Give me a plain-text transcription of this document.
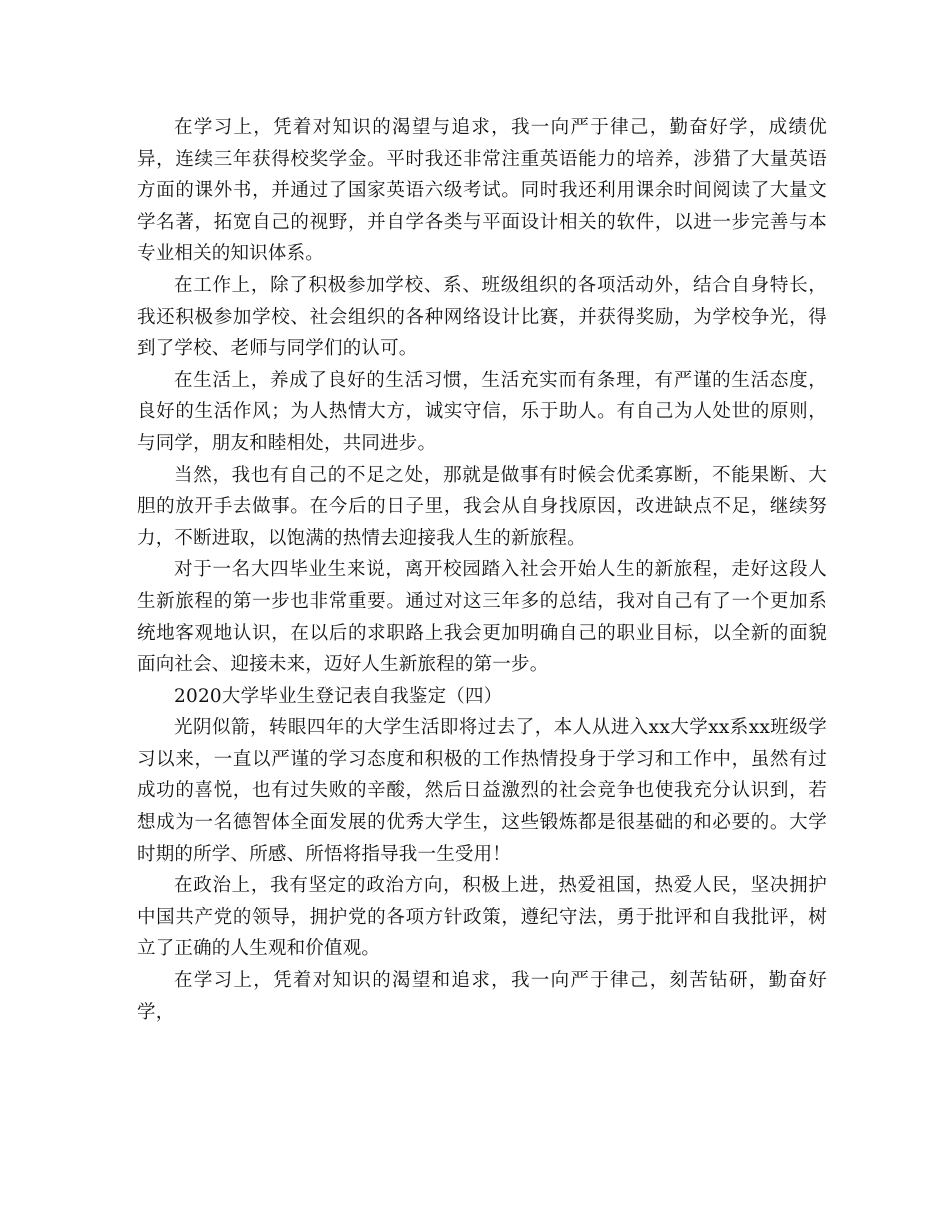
在学习上，凭着对知识的渴望与追求，我一向严于律己，勤奋好学，成绩优异，连续三年获得校奖学金。平时我还非常注重英语能力的培养，涉猎了大量英语方面的课外书，并通过了国家英语六级考试。同时我还利用课余时间阅读了大量文学名著，拓宽自己的视野，并自学各类与平面设计相关的软件，以进一步完善与本专业相关的知识体系。

在工作上，除了积极参加学校、系、班级组织的各项活动外，结合自身特长，我还积极参加学校、社会组织的各种网络设计比赛，并获得奖励，为学校争光，得到了学校、老师与同学们的认可。

在生活上，养成了良好的生活习惯，生活充实而有条理，有严谨的生活态度，良好的生活作风；为人热情大方，诚实守信，乐于助人。有自己为人处世的原则，与同学，朋友和睦相处，共同进步。

当然，我也有自己的不足之处，那就是做事有时候会优柔寡断，不能果断、大胆的放开手去做事。在今后的日子里，我会从自身找原因，改进缺点不足，继续努力，不断进取，以饱满的热情去迎接我人生的新旅程。

对于一名大四毕业生来说，离开校园踏入社会开始人生的新旅程，走好这段人生新旅程的第一步也非常重要。通过对这三年多的总结，我对自己有了一个更加系统地客观地认识，在以后的求职路上我会更加明确自己的职业目标，以全新的面貌面向社会、迎接未来，迈好人生新旅程的第一步。

2020大学毕业生登记表自我鉴定（四）

光阴似箭，转眼四年的大学生活即将过去了，本人从进入xx大学xx系xx班级学习以来，一直以严谨的学习态度和积极的工作热情投身于学习和工作中，虽然有过成功的喜悦，也有过失败的辛酸，然后日益激烈的社会竞争也使我充分认识到，若想成为一名德智体全面发展的优秀大学生，这些锻炼都是很基础的和必要的。大学时期的所学、所感、所悟将指导我一生受用！

在政治上，我有坚定的政治方向，积极上进，热爱祖国，热爱人民，坚决拥护中国共产党的领导，拥护党的各项方针政策，遵纪守法，勇于批评和自我批评，树立了正确的人生观和价值观。

在学习上，凭着对知识的渴望和追求，我一向严于律己，刻苦钻研，勤奋好学，
